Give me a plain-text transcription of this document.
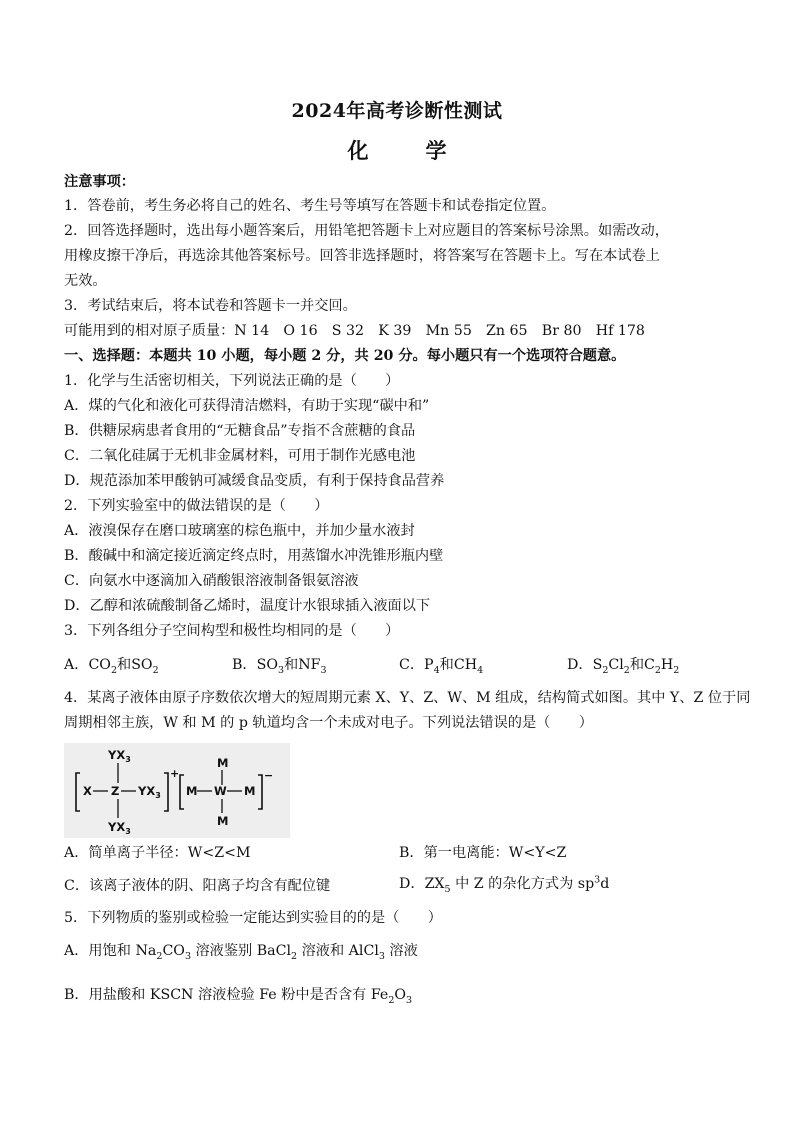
2024年高考诊断性测试
化　学
注意事项：
1．答卷前，考生务必将自己的姓名、考生号等填写在答题卡和试卷指定位置。
2．回答选择题时，选出每小题答案后，用铅笔把答题卡上对应题目的答案标号涂黑。如需改动，
用橡皮擦干净后，再选涂其他答案标号。回答非选择题时，将答案写在答题卡上。写在本试卷上
无效。
3．考试结束后，将本试卷和答题卡一并交回。
可能用到的相对原子质量：N 14　O 16　S 32　K 39　Mn 55　Zn 65　Br 80　Hf 178
一、选择题：本题共 10 小题，每小题 2 分，共 20 分。每小题只有一个选项符合题意。
1．化学与生活密切相关，下列说法正确的是（　　）
A．煤的气化和液化可获得清洁燃料，有助于实现“碳中和”
B．供糖尿病患者食用的“无糖食品”专指不含蔗糖的食品
C．二氧化硅属于无机非金属材料，可用于制作光感电池
D．规范添加苯甲酸钠可减缓食品变质，有利于保持食品营养
2．下列实验室中的做法错误的是（　　）
A．液溴保存在磨口玻璃塞的棕色瓶中，并加少量水液封
B．酸碱中和滴定接近滴定终点时，用蒸馏水冲洗锥形瓶内壁
C．向氨水中逐滴加入硝酸银溶液制备银氨溶液
D．乙醇和浓硫酸制备乙烯时，温度计水银球插入液面以下
3．下列各组分子空间构型和极性均相同的是（　　）
A．$CO_2$和$SO_2$	B．$SO_3$和$NF_3$	C．$P_4$和$CH_4$	D．$S_2Cl_2$和$C_2H_2$
4．某离子液体由原子序数依次增大的短周期元素 X、Y、Z、W、M 组成，结构简式如图。其中 Y、Z 位于同
周期相邻主族，W 和 M 的 p 轨道均含一个未成对电子。下列说法错误的是（　　）
$YX_3$
X Z $YX_3$
$YX_3$
+
M
M W M
M
−
A．简单离子半径：W<Z<M	B．第一电离能：W<Y<Z
C．该离子液体的阴、阳离子均含有配位键	D．$ZX_5$ 中 Z 的杂化方式为 $sp^3d$
5．下列物质的鉴别或检验一定能达到实验目的的是（　　）
A．用饱和 $Na_2CO_3$ 溶液鉴别 BaCl$_2$ 溶液和 AlCl$_3$ 溶液
B．用盐酸和 KSCN 溶液检验 Fe 粉中是否含有 $Fe_2O_3$
